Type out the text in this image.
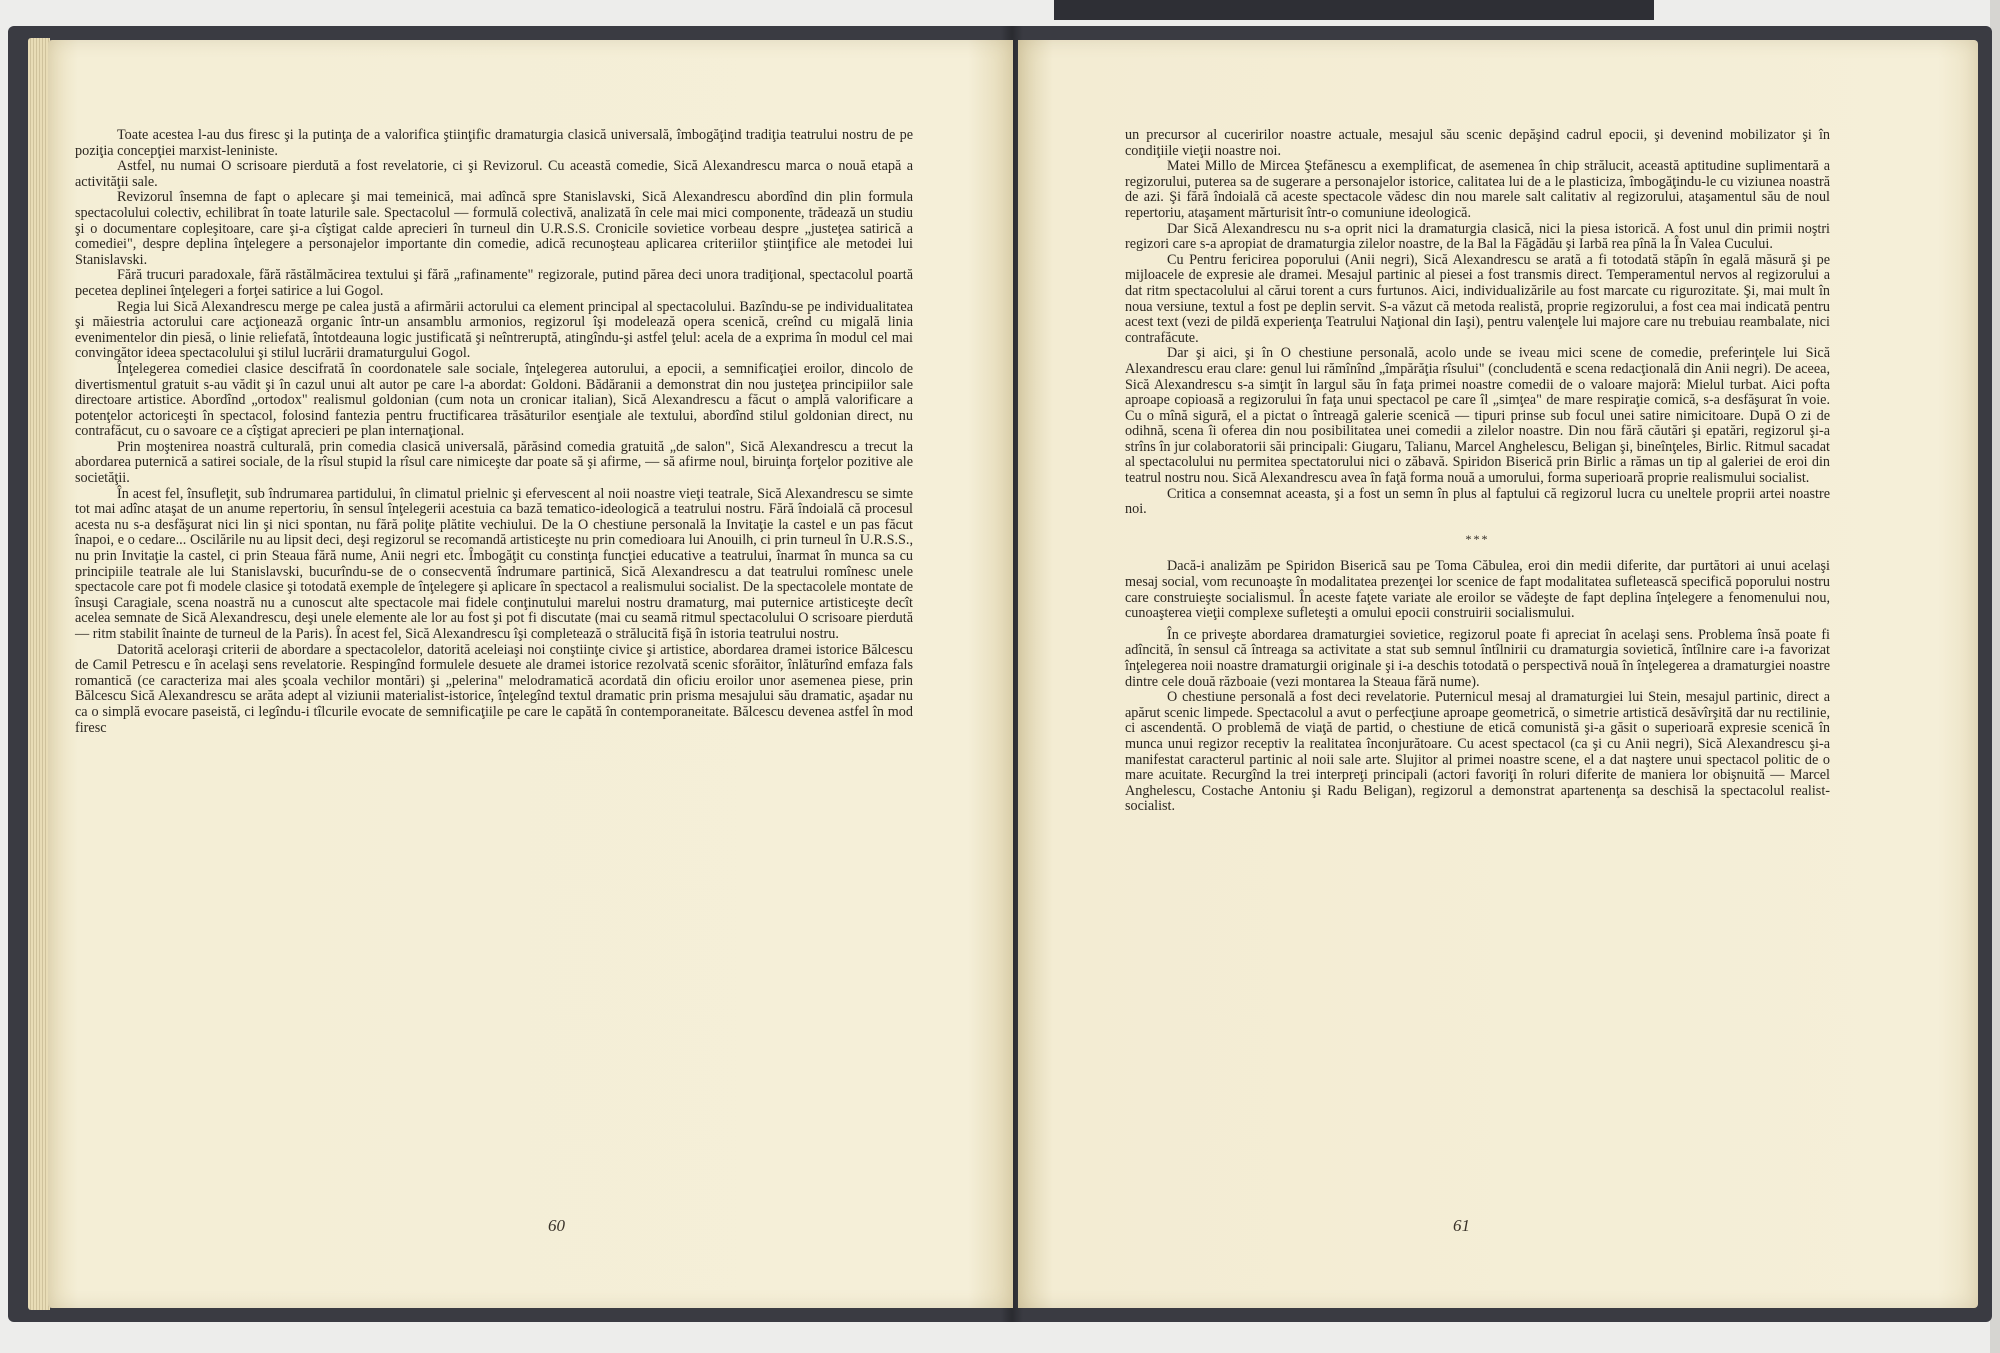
Toate acestea l-au dus firesc şi la putinţa de a valorifica ştiinţific dramaturgia clasică universală, îmbogăţind tradiţia teatrului nostru de pe poziţia concepţiei marxist-leniniste.

Astfel, nu numai O scrisoare pierdută a fost revelatorie, ci şi Revizorul. Cu această comedie, Sică Alexandrescu marca o nouă etapă a activităţii sale.

Revizorul însemna de fapt o aplecare şi mai temeinică, mai adîncă spre Stanislavski, Sică Alexandrescu abordînd din plin formula spectacolului colectiv, echilibrat în toate laturile sale. Spectacolul — formulă colectivă, analizată în cele mai mici componente, trădează un studiu şi o documentare copleşitoare, care şi-a cîştigat calde aprecieri în turneul din U.R.S.S. Cronicile sovietice vorbeau despre „justeţea satirică a comediei", despre deplina înţelegere a personajelor importante din comedie, adică recunoşteau aplicarea criteriilor ştiinţifice ale metodei lui Stanislavski.

Fără trucuri paradoxale, fără răstălmăcirea textului şi fără „rafinamente" regizorale, putind părea deci unora tradiţional, spectacolul poartă pecetea deplinei înţelegeri a forţei satirice a lui Gogol.

Regia lui Sică Alexandrescu merge pe calea justă a afirmării actorului ca element principal al spectacolului. Bazîndu-se pe individualitatea şi măiestria actorului care acţionează organic într-un ansamblu armonios, regizorul îşi modelează opera scenică, creînd cu migală linia evenimentelor din piesă, o linie reliefată, întotdeauna logic justificată şi neîntreruptă, atingîndu-şi astfel ţelul: acela de a exprima în modul cel mai convingător ideea spectacolului şi stilul lucrării dramaturgului Gogol.

Înţelegerea comediei clasice descifrată în coordonatele sale sociale, înţelegerea autorului, a epocii, a semnificaţiei eroilor, dincolo de divertismentul gratuit s-au vădit şi în cazul unui alt autor pe care l-a abordat: Goldoni. Bădăranii a demonstrat din nou justeţea principiilor sale directoare artistice. Abordînd „ortodox" realismul goldonian (cum nota un cronicar italian), Sică Alexandrescu a făcut o amplă valorificare a potenţelor actoriceşti în spectacol, folosind fantezia pentru fructificarea trăsăturilor esenţiale ale textului, abordînd stilul goldonian direct, nu contrafăcut, cu o savoare ce a cîştigat aprecieri pe plan internaţional.

Prin moştenirea noastră culturală, prin comedia clasică universală, părăsind comedia gratuită „de salon", Sică Alexandrescu a trecut la abordarea puternică a satirei sociale, de la rîsul stupid la rîsul care nimiceşte dar poate să şi afirme, — să afirme noul, biruinţa forţelor pozitive ale societăţii.

În acest fel, însufleţit, sub îndrumarea partidului, în climatul prielnic şi efervescent al noii noastre vieţi teatrale, Sică Alexandrescu se simte tot mai adînc ataşat de un anume repertoriu, în sensul înţelegerii acestuia ca bază tematico-ideologică a teatrului nostru. Fără îndoială că procesul acesta nu s-a desfăşurat nici lin şi nici spontan, nu fără poliţe plătite vechiului. De la O chestiune personală la Invitaţie la castel e un pas făcut înapoi, e o cedare... Oscilările nu au lipsit deci, deşi regizorul se recomandă artisticeşte nu prin comedioara lui Anouilh, ci prin turneul în U.R.S.S., nu prin Invitaţie la castel, ci prin Steaua fără nume, Anii negri etc. Îmbogăţit cu constinţa funcţiei educative a teatrului, înarmat în munca sa cu principiile teatrale ale lui Stanislavski, bucurîndu-se de o consecventă îndrumare partinică, Sică Alexandrescu a dat teatrului romînesc unele spectacole care pot fi modele clasice şi totodată exemple de înţelegere şi aplicare în spectacol a realismului socialist. De la spectacolele montate de însuşi Caragiale, scena noastră nu a cunoscut alte spectacole mai fidele conţinutului marelui nostru dramaturg, mai puternice artisticeşte decît acelea semnate de Sică Alexandrescu, deşi unele elemente ale lor au fost şi pot fi discutate (mai cu seamă ritmul spectacolului O scrisoare pierdută — ritm stabilit înainte de turneul de la Paris). În acest fel, Sică Alexandrescu îşi completează o strălucită fişă în istoria teatrului nostru.

Datorită aceloraşi criterii de abordare a spectacolelor, datorită aceleiaşi noi conştiinţe civice şi artistice, abordarea dramei istorice Bălcescu de Camil Petrescu e în acelaşi sens revelatorie. Respingînd formulele desuete ale dramei istorice rezolvată scenic sforăitor, înlăturînd emfaza fals romantică (ce caracteriza mai ales şcoala vechilor montări) şi „pelerina" melodramatică acordată din oficiu eroilor unor asemenea piese, prin Bălcescu Sică Alexandrescu se arăta adept al viziunii materialist-istorice, înţelegînd textul dramatic prin prisma mesajului său dramatic, aşadar nu ca o simplă evocare paseistă, ci legîndu-i tîlcurile evocate de semnificaţiile pe care le capătă în contemporaneitate. Bălcescu devenea astfel în mod firesc

un precursor al cuceririlor noastre actuale, mesajul său scenic depăşind cadrul epocii, şi devenind mobilizator şi în condiţiile vieţii noastre noi.

Matei Millo de Mircea Ştefănescu a exemplificat, de asemenea în chip strălucit, această aptitudine suplimentară a regizorului, puterea sa de sugerare a personajelor istorice, calitatea lui de a le plasticiza, îmbogăţindu-le cu viziunea noastră de azi. Şi fără îndoială că aceste spectacole vădesc din nou marele salt calitativ al regizorului, ataşamentul său de noul repertoriu, ataşament mărturisit într-o comuniune ideologică.

Dar Sică Alexandrescu nu s-a oprit nici la dramaturgia clasică, nici la piesa istorică. A fost unul din primii noştri regizori care s-a apropiat de dramaturgia zilelor noastre, de la Bal la Făgădău şi Iarbă rea pînă la În Valea Cucului.

Cu Pentru fericirea poporului (Anii negri), Sică Alexandrescu se arată a fi totodată stăpîn în egală măsură şi pe mijloacele de expresie ale dramei. Mesajul partinic al piesei a fost transmis direct. Temperamentul nervos al regizorului a dat ritm spectacolului al cărui torent a curs furtunos. Aici, individualizările au fost marcate cu rigurozitate. Şi, mai mult în noua versiune, textul a fost pe deplin servit. S-a văzut că metoda realistă, proprie regizorului, a fost cea mai indicată pentru acest text (vezi de pildă experienţa Teatrului Naţional din Iaşi), pentru valenţele lui majore care nu trebuiau reambalate, nici contrafăcute.

Dar şi aici, şi în O chestiune personală, acolo unde se iveau mici scene de comedie, preferinţele lui Sică Alexandrescu erau clare: genul lui rămînînd „împărăţia rîsului" (concludentă e scena redacţională din Anii negri). De aceea, Sică Alexandrescu s-a simţit în largul său în faţa primei noastre comedii de o valoare majoră: Mielul turbat. Aici pofta aproape copioasă a regizorului în faţa unui spectacol pe care îl „simţea" de mare respiraţie comică, s-a desfăşurat în voie. Cu o mînă sigură, el a pictat o întreagă galerie scenică — tipuri prinse sub focul unei satire nimicitoare. După O zi de odihnă, scena îi oferea din nou posibilitatea unei comedii a zilelor noastre. Din nou fără căutări şi epatări, regizorul şi-a strîns în jur colaboratorii săi principali: Giugaru, Talianu, Marcel Anghelescu, Beligan şi, bineînţeles, Birlic. Ritmul sacadat al spectacolului nu permitea spectatorului nici o zăbavă. Spiridon Biserică prin Birlic a rămas un tip al galeriei de eroi din teatrul nostru nou. Sică Alexandrescu avea în faţă forma nouă a umorului, forma superioară proprie realismului socialist.

Critica a consemnat aceasta, şi a fost un semn în plus al faptului că regizorul lucra cu uneltele proprii artei noastre noi.

***

Dacă-i analizăm pe Spiridon Biserică sau pe Toma Căbulea, eroi din medii diferite, dar purtători ai unui acelaşi mesaj social, vom recunoaşte în modalitatea prezenţei lor scenice de fapt modalitatea sufletească specifică poporului nostru care construieşte socialismul. În aceste faţete variate ale eroilor se vădeşte de fapt deplina înţelegere a fenomenului nou, cunoaşterea vieţii complexe sufleteşti a omului epocii construirii socialismului.

În ce priveşte abordarea dramaturgiei sovietice, regizorul poate fi apreciat în acelaşi sens. Problema însă poate fi adîncită, în sensul că întreaga sa activitate a stat sub semnul întîlnirii cu dramaturgia sovietică, întîlnire care i-a favorizat înţelegerea noii noastre dramaturgii originale şi i-a deschis totodată o perspectivă nouă în înţelegerea a dramaturgiei noastre dintre cele două războaie (vezi montarea la Steaua fără nume).

O chestiune personală a fost deci revelatorie. Puternicul mesaj al dramaturgiei lui Stein, mesajul partinic, direct a apărut scenic limpede. Spectacolul a avut o perfecţiune aproape geometrică, o simetrie artistică desăvîrşită dar nu rectilinie, ci ascendentă. O problemă de viaţă de partid, o chestiune de etică comunistă şi-a găsit o superioară expresie scenică în munca unui regizor receptiv la realitatea înconjurătoare. Cu acest spectacol (ca şi cu Anii negri), Sică Alexandrescu şi-a manifestat caracterul partinic al noii sale arte. Slujitor al primei noastre scene, el a dat naştere unui spectacol politic de o mare acuitate. Recurgînd la trei interpreţi principali (actori favoriţi în roluri diferite de maniera lor obişnuită — Marcel Anghelescu, Costache Antoniu şi Radu Beligan), regizorul a demonstrat apartenenţa sa deschisă la spectacolul realist-socialist.

60	61
